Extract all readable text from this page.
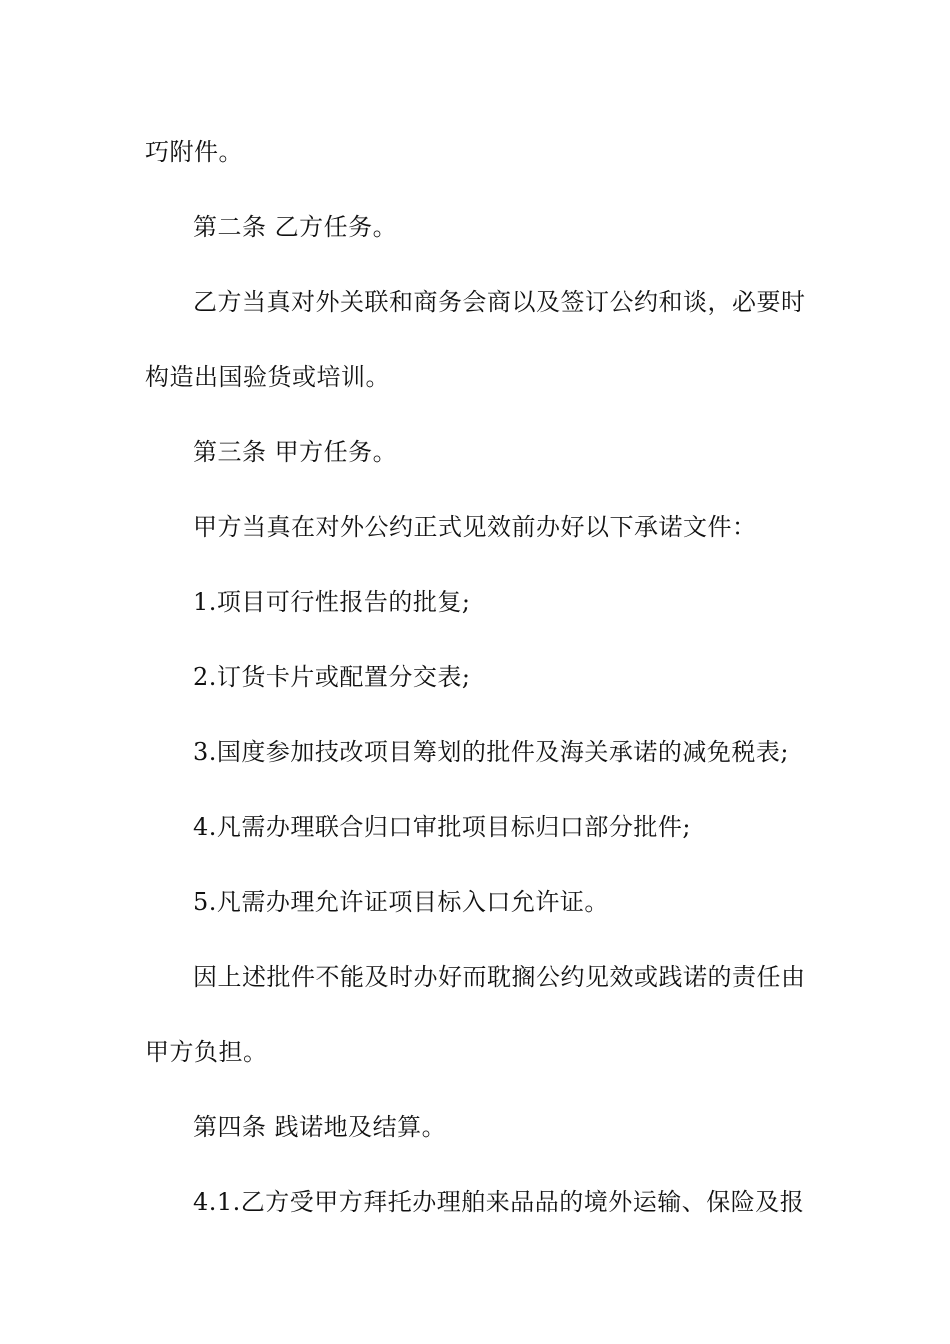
巧附件。
第二条 乙方任务。
乙方当真对外关联和商务会商以及签订公约和谈，必要时
构造出国验货或培训。
第三条 甲方任务。
甲方当真在对外公约正式见效前办好以下承诺文件：
1.项目可行性报告的批复;
2.订货卡片或配置分交表;
3.国度参加技改项目筹划的批件及海关承诺的减免税表;
4.凡需办理联合归口审批项目标归口部分批件;
5.凡需办理允许证项目标入口允许证。
因上述批件不能及时办好而耽搁公约见效或践诺的责任由
甲方负担。
第四条 践诺地及结算。
4.1.乙方受甲方拜托办理舶来品品的境外运输、保险及报
